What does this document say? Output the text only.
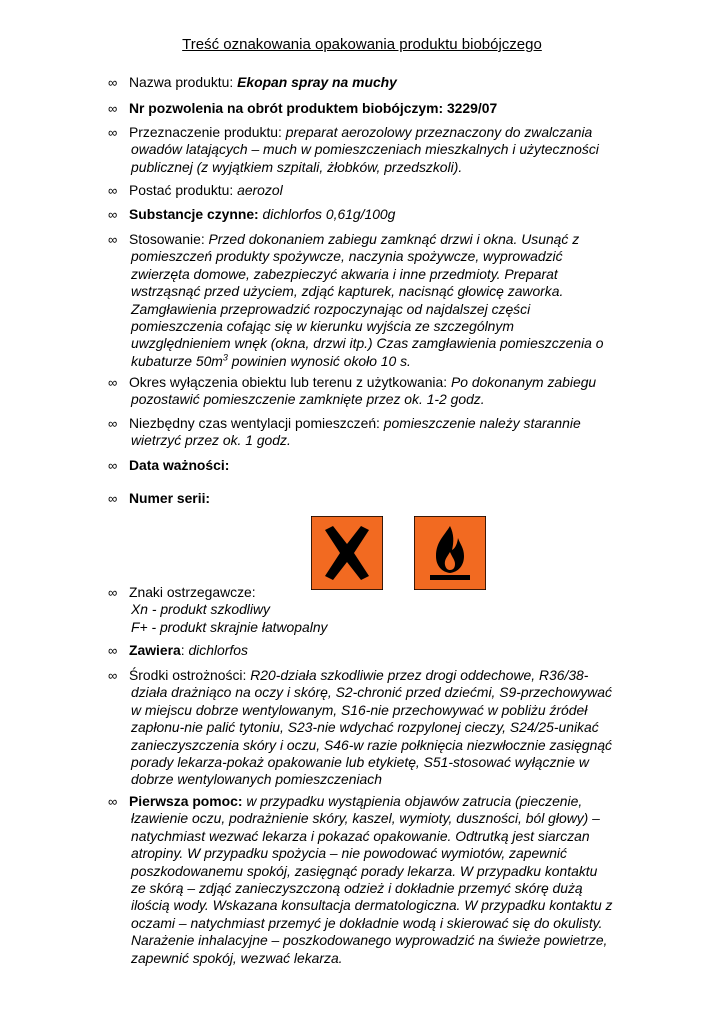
Treść oznakowania opakowania produktu biobójczego
∞ Nazwa produktu: Ekopan spray na muchy
∞ Nr pozwolenia na obrót produktem biobójczym: 3229/07
∞ Przeznaczenie produktu: preparat aerozolowy przeznaczony do zwalczania
owadów latających – much w pomieszczeniach mieszkalnych i użyteczności
publicznej (z wyjątkiem szpitali, żłobków, przedszkoli).
∞ Postać produktu: aerozol
∞ Substancje czynne: dichlorfos 0,61g/100g
∞ Stosowanie: Przed dokonaniem zabiegu zamknąć drzwi i okna. Usunąć z
pomieszczeń produkty spożywcze, naczynia spożywcze, wyprowadzić
zwierzęta domowe, zabezpieczyć akwaria i inne przedmioty. Preparat
wstrząsnąć przed użyciem, zdjąć kapturek, nacisnąć głowicę zaworka.
Zamgławienia przeprowadzić rozpoczynając od najdalszej części
pomieszczenia cofając się w kierunku wyjścia ze szczególnym
uwzględnieniem wnęk (okna, drzwi itp.) Czas zamgławienia pomieszczenia o
kubaturze $50m^3$ powinien wynosić około 10 s.
∞ Okres wyłączenia obiektu lub terenu z użytkowania: Po dokonanym zabiegu
pozostawić pomieszczenie zamknięte przez ok. 1-2 godz.
∞ Niezbędny czas wentylacji pomieszczeń: pomieszczenie należy starannie
wietrzyć przez ok. 1 godz.
∞ Data ważności:
∞ Numer serii:
∞ Znaki ostrzegawcze:
Xn - produkt szkodliwy
F+ - produkt skrajnie łatwopalny
∞ Zawiera: dichlorfos
∞ Środki ostrożności: R20-działa szkodliwie przez drogi oddechowe, R36/38-
działa drażniąco na oczy i skórę, S2-chronić przed dziećmi, S9-przechowywać
w miejscu dobrze wentylowanym, S16-nie przechowywać w pobliżu źródeł
zapłonu-nie palić tytoniu, S23-nie wdychać rozpylonej cieczy, S24/25-unikać
zanieczyszczenia skóry i oczu, S46-w razie połknięcia niezwłocznie zasięgnąć
porady lekarza-pokaż opakowanie lub etykietę, S51-stosować wyłącznie w
dobrze wentylowanych pomieszczeniach
∞ Pierwsza pomoc: w przypadku wystąpienia objawów zatrucia (pieczenie,
łzawienie oczu, podrażnienie skóry, kaszel, wymioty, duszności, ból głowy) –
natychmiast wezwać lekarza i pokazać opakowanie. Odtrutką jest siarczan
atropiny. W przypadku spożycia – nie powodować wymiotów, zapewnić
poszkodowanemu spokój, zasięgnąć porady lekarza. W przypadku kontaktu
ze skórą – zdjąć zanieczyszczoną odzież i dokładnie przemyć skórę dużą
ilością wody. Wskazana konsultacja dermatologiczna. W przypadku kontaktu z
oczami – natychmiast przemyć je dokładnie wodą i skierować się do okulisty.
Narażenie inhalacyjne – poszkodowanego wyprowadzić na świeże powietrze,
zapewnić spokój, wezwać lekarza.
